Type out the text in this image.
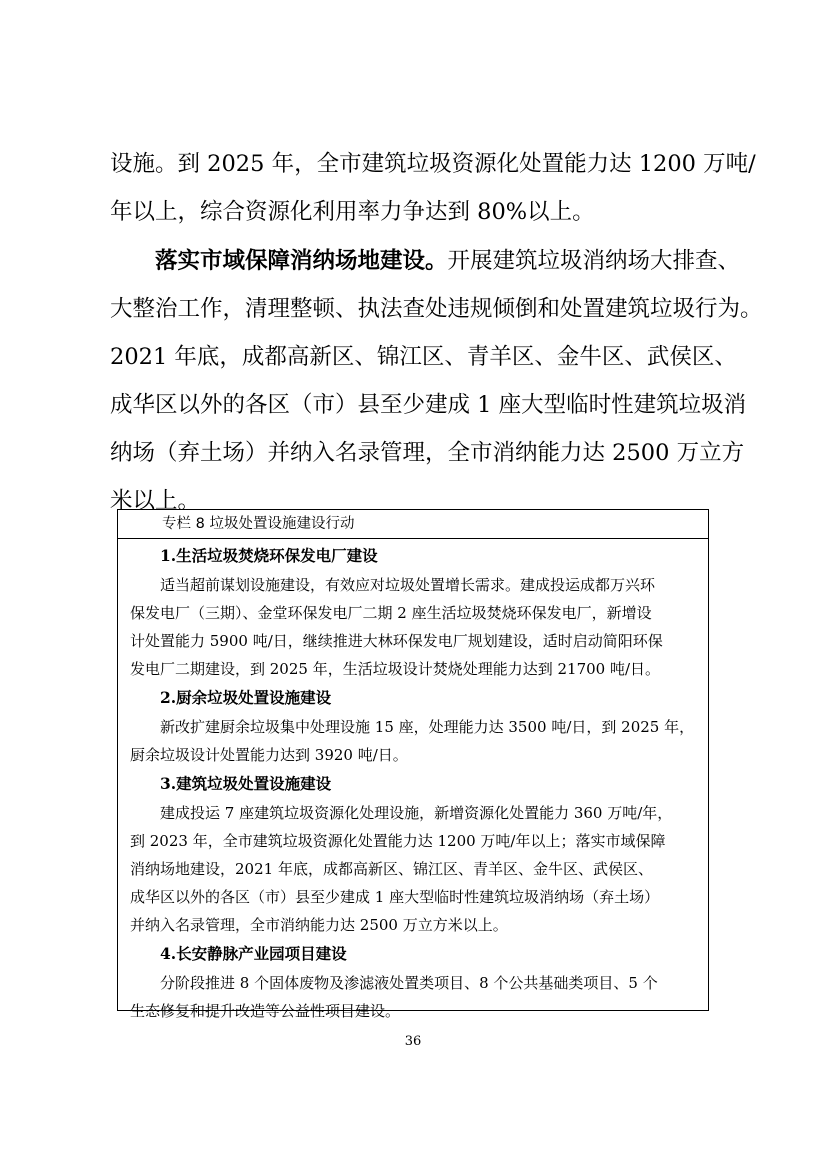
设施。到 2025 年，全市建筑垃圾资源化处置能力达 1200 万吨/
年以上，综合资源化利用率力争达到 80%以上。
落实市域保障消纳场地建设。开展建筑垃圾消纳场大排查、
大整治工作，清理整顿、执法查处违规倾倒和处置建筑垃圾行为。
2021 年底，成都高新区、锦江区、青羊区、金牛区、武侯区、
成华区以外的各区（市）县至少建成 1 座大型临时性建筑垃圾消
纳场（弃土场）并纳入名录管理，全市消纳能力达 2500 万立方
米以上。
专栏 8 垃圾处置设施建设行动
1.生活垃圾焚烧环保发电厂建设
适当超前谋划设施建设，有效应对垃圾处置增长需求。建成投运成都万兴环
保发电厂（三期）、金堂环保发电厂二期 2 座生活垃圾焚烧环保发电厂，新增设
计处置能力 5900 吨/日，继续推进大林环保发电厂规划建设，适时启动简阳环保
发电厂二期建设，到 2025 年，生活垃圾设计焚烧处理能力达到 21700 吨/日。
2.厨余垃圾处置设施建设
新改扩建厨余垃圾集中处理设施 15 座，处理能力达 3500 吨/日，到 2025 年，
厨余垃圾设计处置能力达到 3920 吨/日。
3.建筑垃圾处置设施建设
建成投运 7 座建筑垃圾资源化处理设施，新增资源化处置能力 360 万吨/年，
到 2023 年，全市建筑垃圾资源化处置能力达 1200 万吨/年以上；落实市域保障
消纳场地建设，2021 年底，成都高新区、锦江区、青羊区、金牛区、武侯区、
成华区以外的各区（市）县至少建成 1 座大型临时性建筑垃圾消纳场（弃土场）
并纳入名录管理，全市消纳能力达 2500 万立方米以上。
4.长安静脉产业园项目建设
分阶段推进 8 个固体废物及渗滤液处置类项目、8 个公共基础类项目、5 个
生态修复和提升改造等公益性项目建设。
36
